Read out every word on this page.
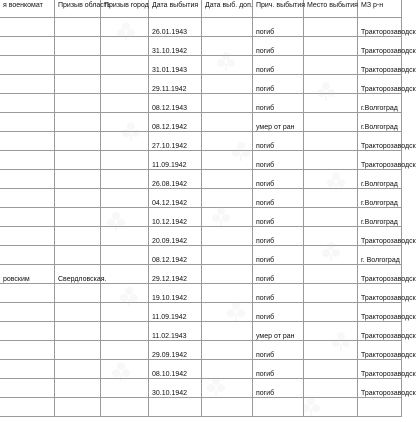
я военкомат	Призыв область	Призыв город	Дата выбытия	Дата выб. доп.	Прич. выбытия	Место выбытия	МЗ р-н
			26.01.1943		погиб		Тракторозаводск
			31.10.1942		погиб		Тракторозаводск
			31.01.1943		погиб		Тракторозаводск
			29.11.1942		погиб		Тракторозаводск
			08.12.1943		погиб		г.Волгоград
			08.12.1942		умер от ран		г.Волгоград
			27.10.1942		погиб		Тракторозаводск
			11.09.1942		погиб		Тракторозаводск
			26.08.1942		погиб		г.Волгоград
			04.12.1942		погиб		г.Волгоград
			10.12.1942		погиб		г.Волгоград
			20.09.1942		погиб		Тракторозаводск
			08.12.1942		погиб		г. Волгоград
ровским	Свердловская.		29.12.1942		погиб		Тракторозаводск
			19.10.1942		погиб		Тракторозаводск
			11.09.1942		погиб		Тракторозаводск
			11.02.1943		умер от ран		Тракторозаводск
			29.09.1942		погиб		Тракторозаводск
			08.10.1942		погиб		Тракторозаводск
			30.10.1942		погиб		Тракторозаводск
